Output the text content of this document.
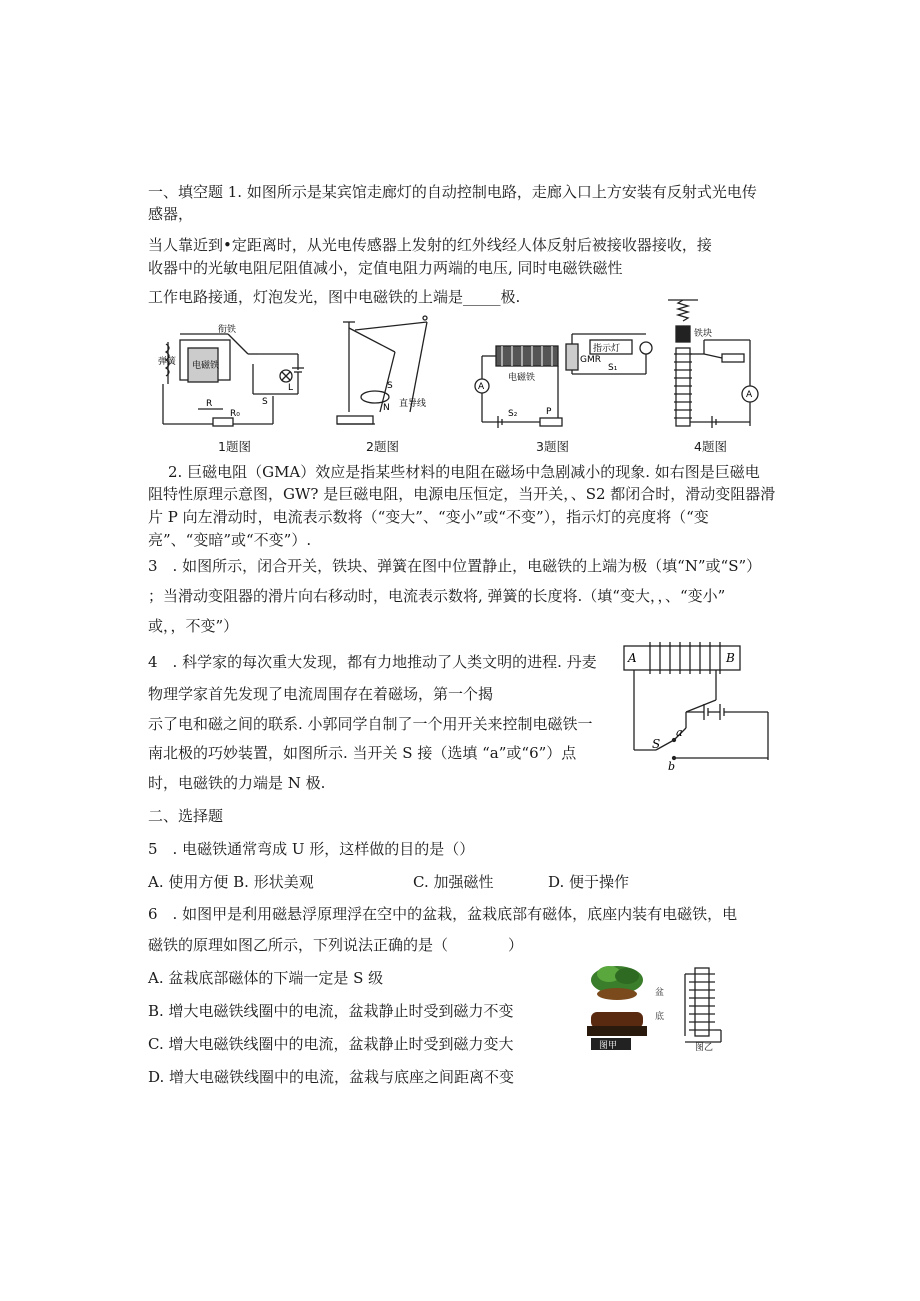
一、填空题 1. 如图所示是某宾馆走廊灯的自动控制电路，走廊入口上方安装有反射式光电传
感器，
当人靠近到•定距离时，从光电传感器上发射的红外线经人体反射后被接收器接收，接
收器中的光敏电阻尼阻值减小，定值电阻力两端的电压, 同时电磁铁磁性
工作电路接通，灯泡发光，图中电磁铁的上端是_____极.
衔铁
弹簧 电磁铁
R
R₀
S
L
1题图
S
N 直导线
2题图
A
电磁铁
GMR
指示灯
S₁
S₂	P
3题图
铁块
A
4题图
2. 巨磁电阻（GMA）效应是指某些材料的电阻在磁场中急剧减小的现象. 如右图是巨磁电
阻特性原理示意图，GW? 是巨磁电阻，电源电压恒定，当开关，、S2 都闭合时，滑动变阻器滑
片 P 向左滑动时，电流表示数将（“变大”、“变小”或“不变”），指示灯的亮度将（“变
亮”、“变暗”或“不变”）.
3　. 如图所示，闭合开关，铁块、弹簧在图中位置静止，电磁铁的上端为极（填“N”或“S”）
；当滑动变阻器的滑片向右移动时，电流表示数将, 弹簧的长度将.（填“变大，，、“变小”
或，，不变”）
4　. 科学家的每次重大发现，都有力地推动了人类文明的进程. 丹麦
物理学家首先发现了电流周围存在着磁场，第一个揭
示了电和磁之间的联系. 小郭同学自制了一个用开关来控制电磁铁一
南北极的巧妙装置，如图所示. 当开关 S 接（选填 “a”或“6”）点
时，电磁铁的力端是 N 极.
A	B
S
a
b
二、选择题
5　. 电磁铁通常弯成 U 形，这样做的目的是（）
A. 使用方便 B. 形状美观	C. 加强磁性	D. 便于操作
6　. 如图甲是利用磁悬浮原理浮在空中的盆栽，盆栽底部有磁体，底座内装有电磁铁，电
磁铁的原理如图乙所示，下列说法正确的是（　　　　）
A. 盆栽底部磁体的下端一定是 S 级
B. 增大电磁铁线圈中的电流，盆栽静止时受到磁力不变
C. 增大电磁铁线圈中的电流，盆栽静止时受到磁力变大
D. 增大电磁铁线圈中的电流，盆栽与底座之间距离不变
盆
底
图甲	图乙
